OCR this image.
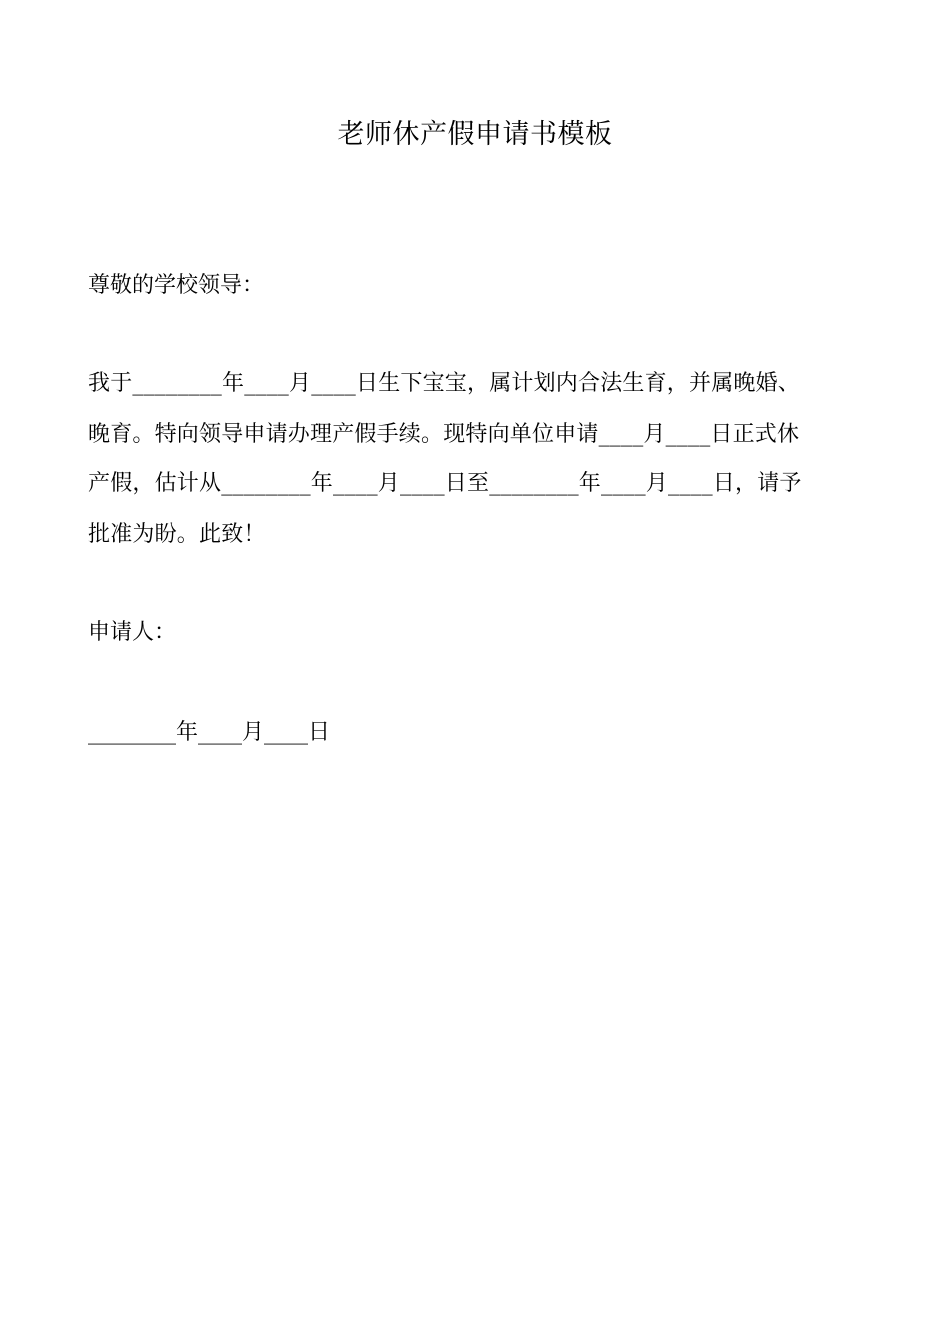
老师休产假申请书模板
尊敬的学校领导：
我于________年____月____日生下宝宝，属计划内合法生育，并属晚婚、
晚育。特向领导申请办理产假手续。现特向单位申请____月____日正式休
产假，估计从________年____月____日至________年____月____日，请予
批准为盼。此致！
申请人：
________年____月____日
